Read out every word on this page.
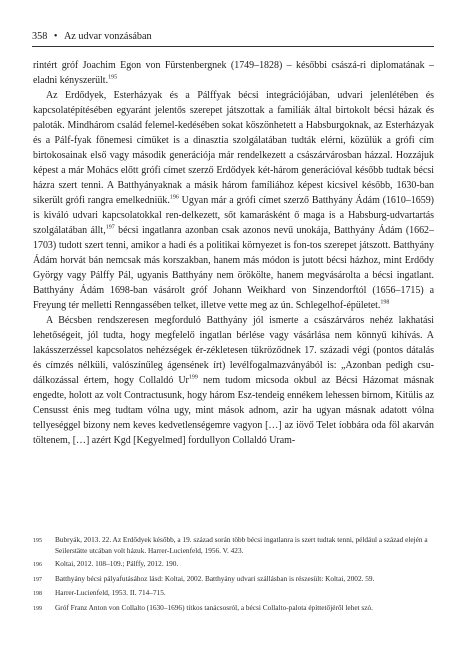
358 • Az udvar vonzásában

rintért gróf Joachim Egon von Fürstenbergnek (1749–1828) – későbbi császá-ri diplomatának – eladni kényszerült.$^{195}$

Az Erdődyek, Esterházyak és a Pálffyak bécsi integrációjában, udvari jelenlétében és kapcsolatépítésében egyaránt jelentős szerepet játszottak a familiák által birtokolt bécsi házak és paloták. Mindhárom család felemel-kedésében sokat köszönhetett a Habsburgoknak, az Esterházyak és a Pálf-fyak főnemesi címüket is a dinasztia szolgálatában tudták elérni, közülük a grófi cím birtokosainak első vagy második generációja már rendelkezett a császárvárosban házzal. Hozzájuk képest a már Mohács előtt grófi címet szerző Erdődyek két-három generációval később tudtak bécsi házra szert tenni. A Batthyányaknak a másik három famíliához képest kicsivel később, 1630-ban sikerült grófi rangra emelkedniük.$^{196}$ Ugyan már a grófi címet szerző Batthyány Ádám (1610–1659) is kiváló udvari kapcsolatokkal ren-delkezett, sőt kamarásként ő maga is a Habsburg-udvartartás szolgálatában állt,$^{197}$ bécsi ingatlanra azonban csak azonos nevű unokája, Batthyány Ádám (1662–1703) tudott szert tenni, amikor a hadi és a politikai környezet is fon-tos szerepet játszott. Batthyány Ádám horvát bán nemcsak más korszakban, hanem más módon is jutott bécsi házhoz, mint Erdődy György vagy Pálffy Pál, ugyanis Batthyány nem örökölte, hanem megvásárolta a bécsi ingatlant. Batthyány Ádám 1698-ban vásárolt gróf Johann Weikhard von Sinzendorftól (1656–1715) a Freyung tér melletti Renngassében telket, illetve vette meg az ún. Schlegelhof-épületet.$^{198}$

A Bécsben rendszeresen megforduló Batthyány jól ismerte a császárváros nehéz lakhatási lehetőségeit, jól tudta, hogy megfelelő ingatlan bérlése vagy vásárlása nem könnyű kihívás. A lakásszerzéssel kapcsolatos nehézségek ér-zékletesen tükröződnek 17. századi végi (pontos dátalás és címzés nélküli, valószínűleg ágensének írt) levélfogalmazványából is: „Azonban pedigh csu-dálkozással értem, hogy Collaldó Ur$^{199}$ nem tudom micsoda okbul az Bécsi Házomat másnak engedte, holott az volt Contractusunk, hogy három Esz-tendeig ennékem lehessen birnom, Kitülis az Censusst énis meg tudtam vólna ugy, mint mások adnom, azir ha ugyan másnak adatott vólna tellyeséggel bizony nem keves kedvetlenségemre vagyon […] az iövő Telet íobbára oda föl akarván töltenem, […] azért Kgd [Kegyelmed] fordullyon Collaldó Uram-

195	Bubryák, 2013. 22. Az Erdődyek később, a 19. század során több bécsi ingatlanra is szert tudtak tenni, például a század elején a Seilerstätte utcában volt házuk. Harrer-Lucienfeld, 1956. V. 423.
196	Koltai, 2012. 108–109.; Pálffy, 2012. 190.
197	Batthyány bécsi pályafutásához lásd: Koltai, 2002. Batthyány udvari szállásban is részesült: Koltai, 2002. 59.
198	Harrer-Lucienfeld, 1953. II. 714–715.
199	Gróf Franz Anton von Collalto (1630–1696) titkos tanácsosról, a bécsi Collalto-palota építtetőjéről lehet szó.
